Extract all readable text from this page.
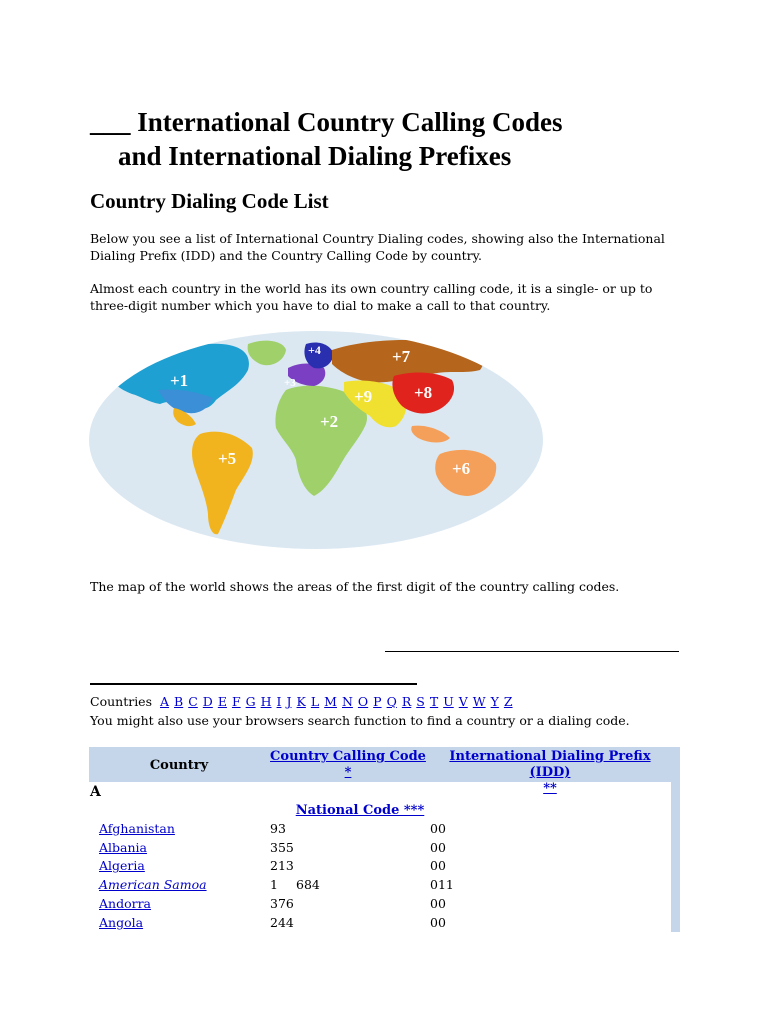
___ International Country Calling Codes
and International Dialing Prefixes
Country Dialing Code List
Below you see a list of International Country Dialing codes, showing also the International Dialing Prefix (IDD) and the Country Calling Code by country.
Almost each country in the world has its own country calling code, it is a single- or up to three-digit number which you have to dial to make a call to that country.
+1
+2
+3
+4
+5
+6
+7
+8
+9
The map of the world shows the areas of the first digit of the country calling codes.
Countries A B C D E F G H I J K L M N O P Q R S T U V W Y Z
You might also use your browsers search function to find a country or a dialing code.
Country
Country Calling Code
*
International Dialing Prefix (IDD)
**
A
National Code ***
Afghanistan	93	00
Albania	355	00
Algeria	213	00
American Samoa	1 684	011
Andorra	376	00
Angola	244	00
